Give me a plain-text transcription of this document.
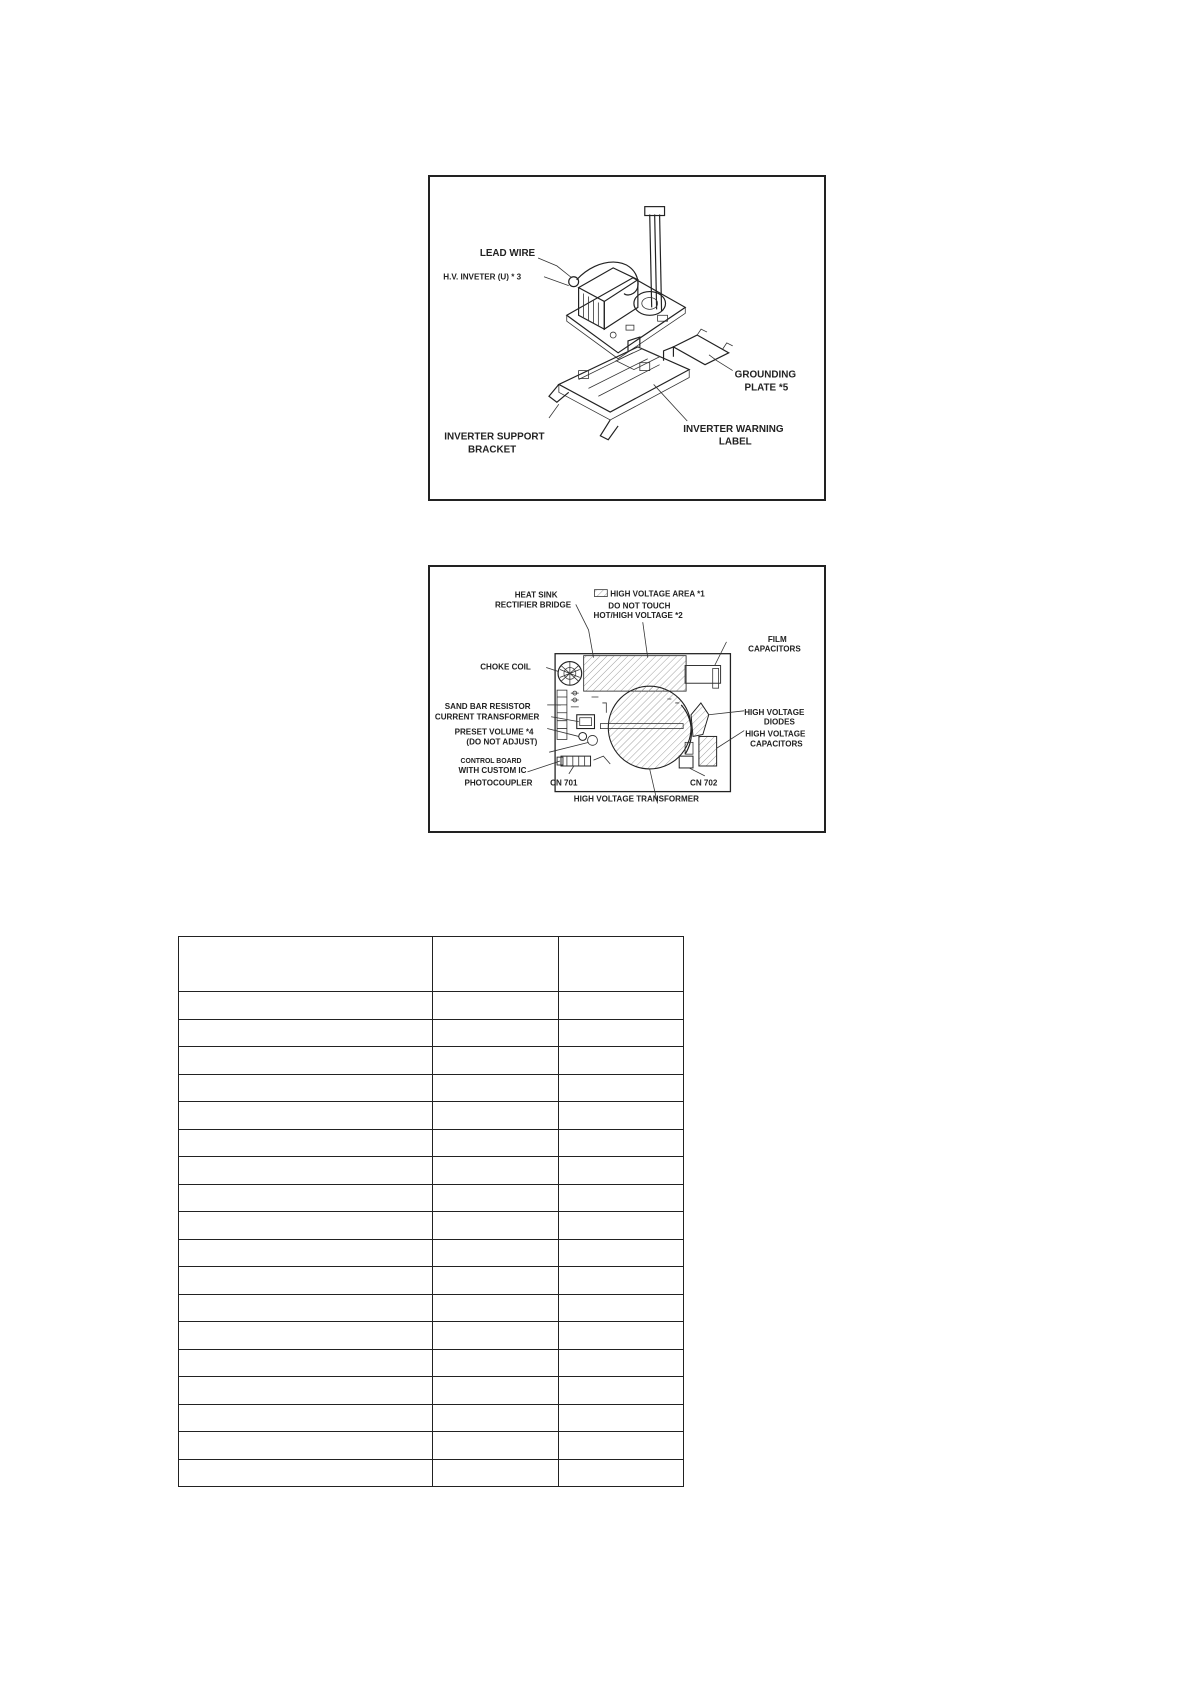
LEAD WIRE
H.V. INVETER (U) * 3
GROUNDING
PLATE *5
INVERTER SUPPORT
BRACKET
INVERTER WARNING
LABEL
HIGH VOLTAGE AREA *1
HEAT SINK
RECTIFIER BRIDGE	DO NOT TOUCH
HOT/HIGH VOLTAGE *2
FILM
CAPACITORS
CHOKE COIL
SAND BAR RESISTOR
CURRENT TRANSFORMER
PRESET VOLUME *4
(DO NOT ADJUST)
CONTROL BOARD
WITH CUSTOM IC
PHOTOCOUPLER CN 701	CN 702
HIGH VOLTAGE
DIODES
HIGH VOLTAGE
CAPACITORS
HIGH VOLTAGE TRANSFORMER
